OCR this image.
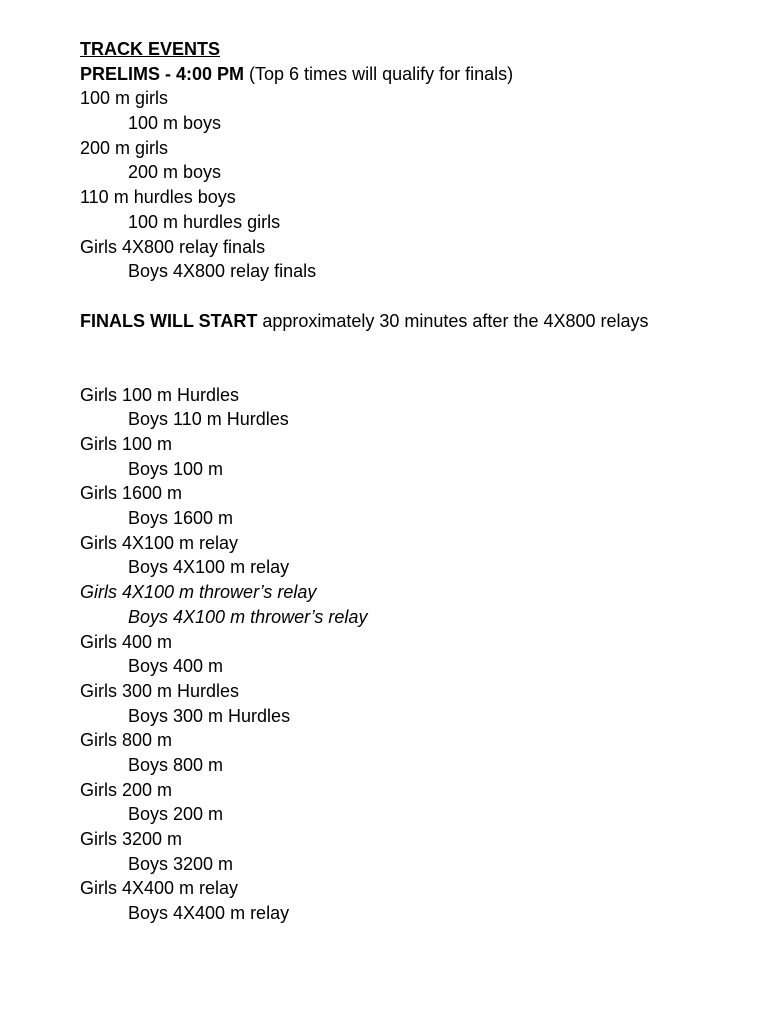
TRACK EVENTS
PRELIMS - 4:00 PM (Top 6 times will qualify for finals)
100 m girls
100 m boys
200 m girls
200 m boys
110 m hurdles boys
100 m hurdles girls
Girls 4X800 relay finals
Boys 4X800 relay finals
FINALS WILL START approximately 30 minutes after the 4X800 relays
Girls 100 m Hurdles
Boys 110 m Hurdles
Girls 100 m
Boys 100 m
Girls 1600 m
Boys 1600 m
Girls 4X100 m relay
Boys 4X100 m relay
Girls 4X100 m thrower’s relay
Boys 4X100 m thrower’s relay
Girls 400 m
Boys 400 m
Girls 300 m Hurdles
Boys 300 m Hurdles
Girls 800 m
Boys 800 m
Girls 200 m
Boys 200 m
Girls 3200 m
Boys 3200 m
Girls 4X400 m relay
Boys 4X400 m relay
